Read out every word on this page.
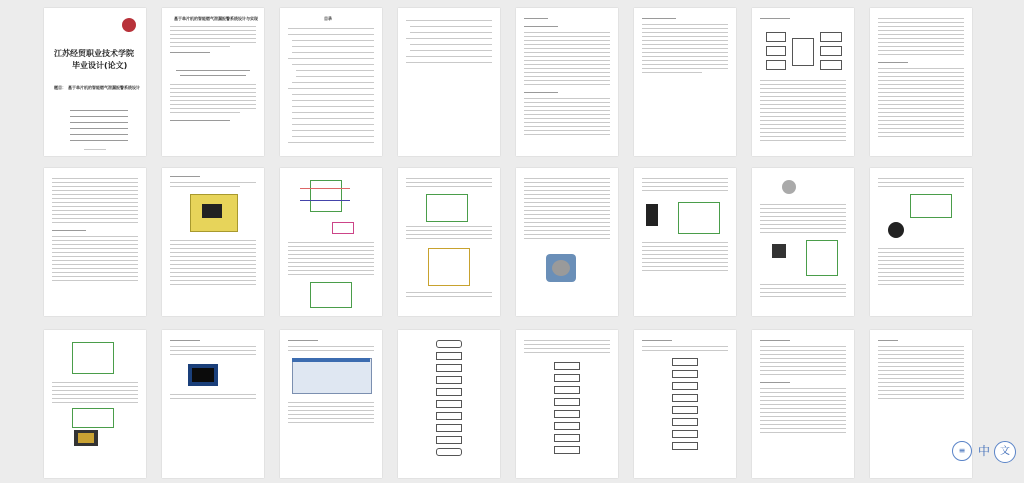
江苏经贸职业技术学院
毕业设计(论文)
题目： 基于单片机的智能燃气泄漏报警系统设计
基于单片机的智能燃气泄漏报警系统设计与实现	目录
≡	中	文
